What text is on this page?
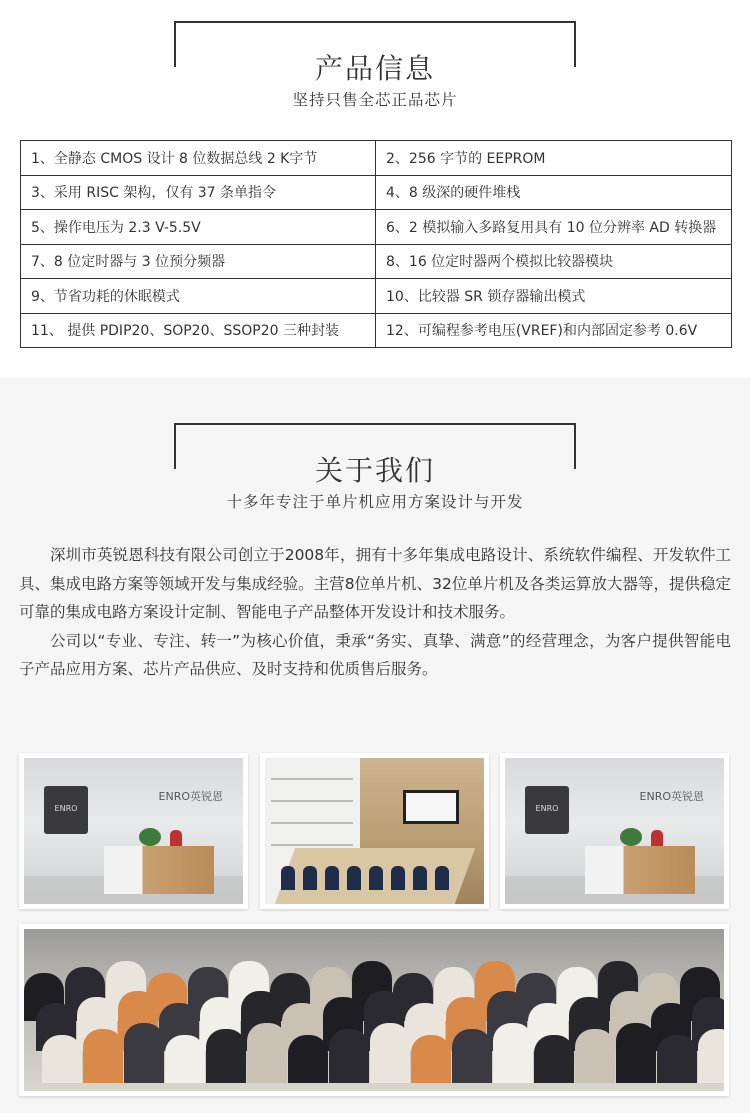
产品信息
坚持只售全芯正品芯片
1、全静态 CMOS 设计 8 位数据总线 2 K字节	2、256 字节的 EEPROM
3、采用 RISC 架构，仅有 37 条单指令	4、8 级深的硬件堆栈
5、操作电压为 2.3 V-5.5V	6、2 模拟输入多路复用具有 10 位分辨率 AD 转换器
7、8 位定时器与 3 位预分频器	8、16 位定时器两个模拟比较器模块
9、节省功耗的休眠模式	10、比较器 SR 锁存器输出模式
11、 提供 PDIP20、SOP20、SSOP20 三种封装	12、可编程参考电压(VREF)和内部固定参考 0.6V
关于我们
十多年专注于单片机应用方案设计与开发

深圳市英锐恩科技有限公司创立于2008年，拥有十多年集成电路设计、系统软件编程、开发软件工具、集成电路方案等领域开发与集成经验。主营8位单片机、32位单片机及各类运算放大器等，提供稳定可靠的集成电路方案设计定制、智能电子产品整体开发设计和技术服务。

公司以“专业、专注、转一”为核心价值，秉承“务实、真挚、满意”的经营理念，为客户提供智能电子产品应用方案、芯片产品供应、及时支持和优质售后服务。

ENRO
ENRO英锐恩
ENRO
ENRO英锐恩
